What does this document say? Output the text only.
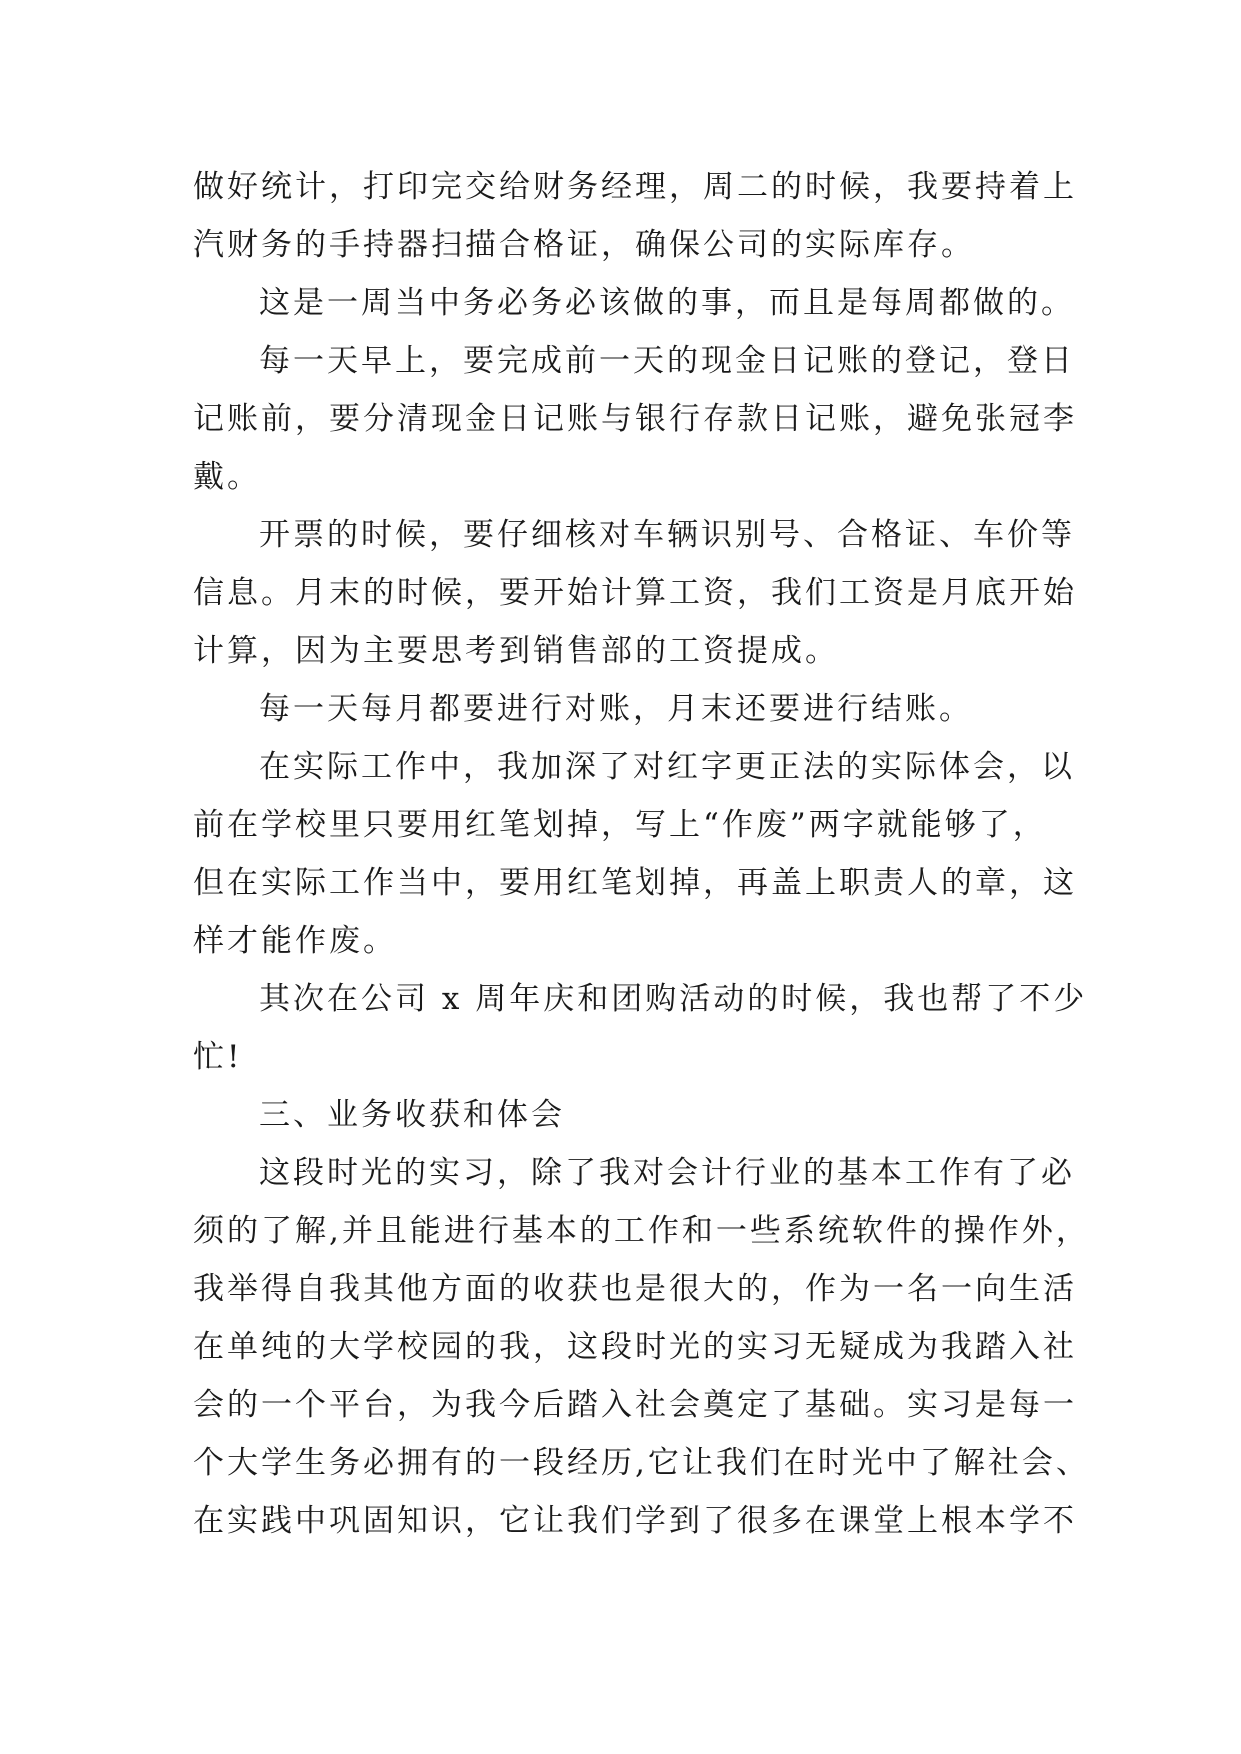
做好统计，打印完交给财务经理，周二的时候，我要持着上
汽财务的手持器扫描合格证，确保公司的实际库存。
这是一周当中务必务必该做的事，而且是每周都做的。
每一天早上，要完成前一天的现金日记账的登记，登日
记账前，要分清现金日记账与银行存款日记账，避免张冠李
戴。
开票的时候，要仔细核对车辆识别号、合格证、车价等
信息。月末的时候，要开始计算工资，我们工资是月底开始
计算，因为主要思考到销售部的工资提成。
每一天每月都要进行对账，月末还要进行结账。
在实际工作中，我加深了对红字更正法的实际体会，以
前在学校里只要用红笔划掉，写上“作废”两字就能够了，
但在实际工作当中，要用红笔划掉，再盖上职责人的章，这
样才能作废。
其次在公司 x 周年庆和团购活动的时候，我也帮了不少
忙!
三、业务收获和体会
这段时光的实习，除了我对会计行业的基本工作有了必
须的了解,并且能进行基本的工作和一些系统软件的操作外，
我举得自我其他方面的收获也是很大的，作为一名一向生活
在单纯的大学校园的我，这段时光的实习无疑成为我踏入社
会的一个平台，为我今后踏入社会奠定了基础。实习是每一
个大学生务必拥有的一段经历,它让我们在时光中了解社会、
在实践中巩固知识，它让我们学到了很多在课堂上根本学不
